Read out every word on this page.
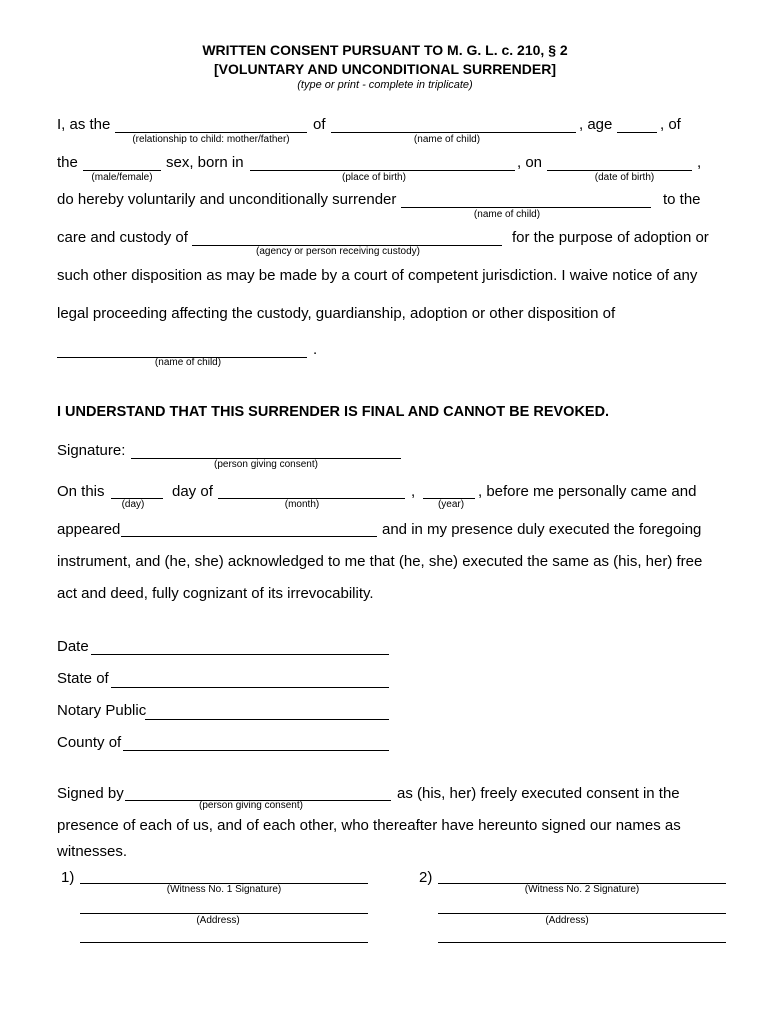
WRITTEN CONSENT PURSUANT TO M. G. L. c. 210, § 2
[VOLUNTARY AND UNCONDITIONAL SURRENDER]
(type or print - complete in triplicate)
I, as the
(relationship to child: mother/father)
of
(name of child)
, age	, of
the
(male/female)
sex, born in
(place of birth)
, on
(date of birth)
,
do hereby voluntarily and unconditionally surrender
(name of child)
to the
care and custody of
(agency or person receiving custody)
for the purpose of adoption or
such other disposition as may be made by a court of competent jurisdiction. I waive notice of any
legal proceeding affecting the custody, guardianship, adoption or other disposition of
.
(name of child)
I UNDERSTAND THAT THIS SURRENDER IS FINAL AND CANNOT BE REVOKED.
Signature:
(person giving consent)
On this
(day)
day of
(month)
,
(year)
, before me personally came and
appeared	and in my presence duly executed the foregoing
instrument, and (he, she) acknowledged to me that (he, she) executed the same as (his, her) free
act and deed, fully cognizant of its irrevocability.
Date
State of
Notary Public
County of
Signed by
(person giving consent)
as (his, her) freely executed consent in the
presence of each of us, and of each other, who thereafter have hereunto signed our names as
witnesses.
1)
(Witness No. 1 Signature)
(Address)
2)
(Witness No. 2 Signature)
(Address)
